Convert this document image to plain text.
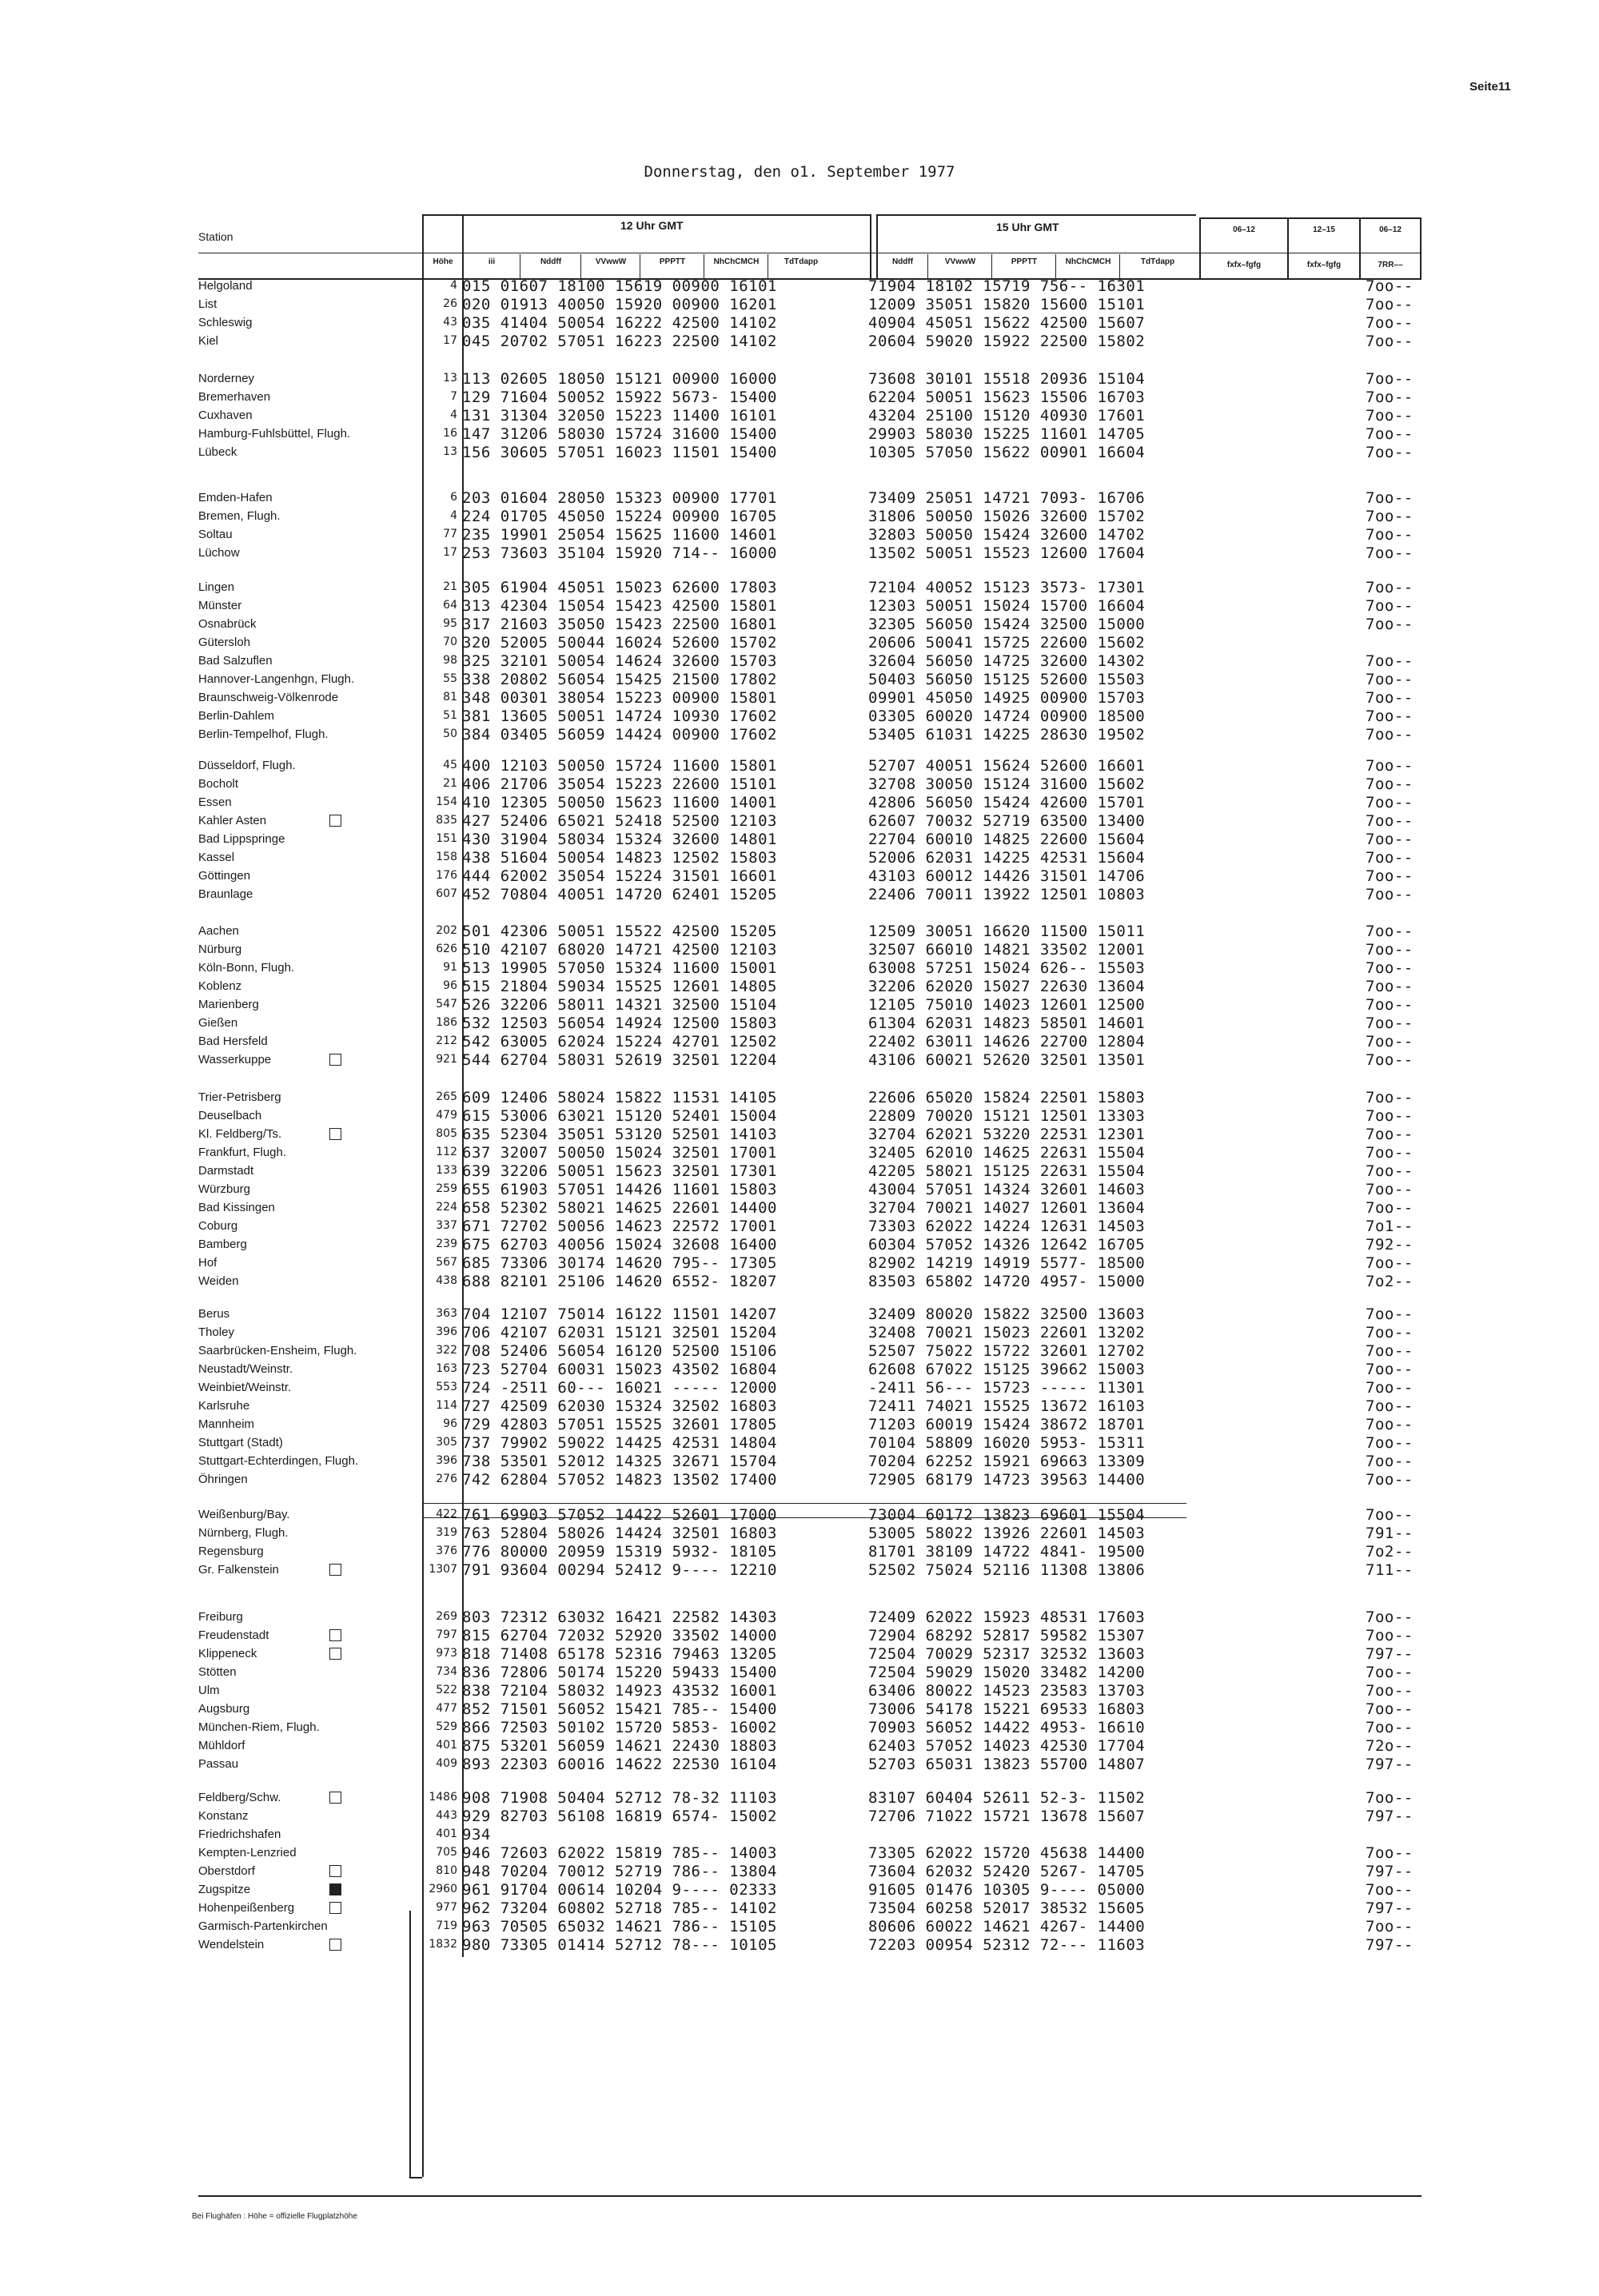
Seite11
Donnerstag, den o1. September 1977
Station
Höhe	iii
12 Uhr GMT	15 Uhr GMT
Nddff	VVwwW	PPPTT	NhChCMCH	TdTdapp	Nddff	VVwwW	PPPTT	NhChCMCH	TdTdapp
06–12	12–15	06–12
fxfx–fgfg	fxfx–fgfg	7RR––
Helgoland	4 015 01607 18100 15619 00900 16101	71904 18102 15719 756-- 16301	7oo--
List	26 020 01913 40050 15920 00900 16201	12009 35051 15820 15600 15101	7oo--
Schleswig	43 035 41404 50054 16222 42500 14102	40904 45051 15622 42500 15607	7oo--
Kiel	17 045 20702 57051 16223 22500 14102	20604 59020 15922 22500 15802	7oo--
Norderney	13 113 02605 18050 15121 00900 16000	73608 30101 15518 20936 15104	7oo--
Bremerhaven	7 129 71604 50052 15922 5673- 15400	62204 50051 15623 15506 16703	7oo--
Cuxhaven	4 131 31304 32050 15223 11400 16101	43204 25100 15120 40930 17601	7oo--
Hamburg-Fuhlsbüttel, Flugh.	16 147 31206 58030 15724 31600 15400	29903 58030 15225 11601 14705	7oo--
Lübeck	13 156 30605 57051 16023 11501 15400	10305 57050 15622 00901 16604	7oo--
Emden-Hafen	6 203 01604 28050 15323 00900 17701	73409 25051 14721 7093- 16706	7oo--
Bremen, Flugh.	4 224 01705 45050 15224 00900 16705	31806 50050 15026 32600 15702	7oo--
Soltau	77 235 19901 25054 15625 11600 14601	32803 50050 15424 32600 14702	7oo--
Lüchow	17 253 73603 35104 15920 714-- 16000	13502 50051 15523 12600 17604	7oo--
Lingen	21 305 61904 45051 15023 62600 17803	72104 40052 15123 3573- 17301	7oo--
Münster	64 313 42304 15054 15423 42500 15801	12303 50051 15024 15700 16604	7oo--
Osnabrück	95 317 21603 35050 15423 22500 16801	32305 56050 15424 32500 15000	7oo--
Gütersloh	70 320 52005 50044 16024 52600 15702	20606 50041 15725 22600 15602
Bad Salzuflen	98 325 32101 50054 14624 32600 15703	32604 56050 14725 32600 14302	7oo--
Hannover-Langenhgn, Flugh.	55 338 20802 56054 15425 21500 17802	50403 56050 15125 52600 15503	7oo--
Braunschweig-Völkenrode	81 348 00301 38054 15223 00900 15801	09901 45050 14925 00900 15703	7oo--
Berlin-Dahlem	51 381 13605 50051 14724 10930 17602	03305 60020 14724 00900 18500	7oo--
Berlin-Tempelhof, Flugh.	50 384 03405 56059 14424 00900 17602	53405 61031 14225 28630 19502	7oo--
Düsseldorf, Flugh.	45 400 12103 50050 15724 11600 15801	52707 40051 15624 52600 16601	7oo--
Bocholt	21 406 21706 35054 15223 22600 15101	32708 30050 15124 31600 15602	7oo--
Essen	154 410 12305 50050 15623 11600 14001	42806 56050 15424 42600 15701	7oo--
Kahler Asten	835 427 52406 65021 52418 52500 12103	62607 70032 52719 63500 13400	7oo--
Bad Lippspringe	151 430 31904 58034 15324 32600 14801	22704 60010 14825 22600 15604	7oo--
Kassel	158 438 51604 50054 14823 12502 15803	52006 62031 14225 42531 15604	7oo--
Göttingen	176 444 62002 35054 15224 31501 16601	43103 60012 14426 31501 14706	7oo--
Braunlage	607 452 70804 40051 14720 62401 15205	22406 70011 13922 12501 10803	7oo--
Aachen	202 501 42306 50051 15522 42500 15205	12509 30051 16620 11500 15011	7oo--
Nürburg	626 510 42107 68020 14721 42500 12103	32507 66010 14821 33502 12001	7oo--
Köln-Bonn, Flugh.	91 513 19905 57050 15324 11600 15001	63008 57251 15024 626-- 15503	7oo--
Koblenz	96 515 21804 59034 15525 12601 14805	32206 62020 15027 22630 13604	7oo--
Marienberg	547 526 32206 58011 14321 32500 15104	12105 75010 14023 12601 12500	7oo--
Gießen	186 532 12503 56054 14924 12500 15803	61304 62031 14823 58501 14601	7oo--
Bad Hersfeld	212 542 63005 62024 15224 42701 12502	22402 63011 14626 22700 12804	7oo--
Wasserkuppe	921 544 62704 58031 52619 32501 12204	43106 60021 52620 32501 13501	7oo--
Trier-Petrisberg	265 609 12406 58024 15822 11531 14105	22606 65020 15824 22501 15803	7oo--
Deuselbach	479 615 53006 63021 15120 52401 15004	22809 70020 15121 12501 13303	7oo--
Kl. Feldberg/Ts.	805 635 52304 35051 53120 52501 14103	32704 62021 53220 22531 12301	7oo--
Frankfurt, Flugh.	112 637 32007 50050 15024 32501 17001	32405 62010 14625 22631 15504	7oo--
Darmstadt	133 639 32206 50051 15623 32501 17301	42205 58021 15125 22631 15504	7oo--
Würzburg	259 655 61903 57051 14426 11601 15803	43004 57051 14324 32601 14603	7oo--
Bad Kissingen	224 658 52302 58021 14625 22601 14400	32704 70021 14027 12601 13604	7oo--
Coburg	337 671 72702 50056 14623 22572 17001	73303 62022 14224 12631 14503	7o1--
Bamberg	239 675 62703 40056 15024 32608 16400	60304 57052 14326 12642 16705	792--
Hof	567 685 73306 30174 14620 795-- 17305	82902 14219 14919 5577- 18500	7oo--
Weiden	438 688 82101 25106 14620 6552- 18207	83503 65802 14720 4957- 15000	7o2--
Berus	363 704 12107 75014 16122 11501 14207	32409 80020 15822 32500 13603	7oo--
Tholey	396 706 42107 62031 15121 32501 15204	32408 70021 15023 22601 13202	7oo--
Saarbrücken-Ensheim, Flugh.	322 708 52406 56054 16120 52500 15106	52507 75022 15722 32601 12702	7oo--
Neustadt/Weinstr.	163 723 52704 60031 15023 43502 16804	62608 67022 15125 39662 15003	7oo--
Weinbiet/Weinstr.	553 724 -2511 60--- 16021 ----- 12000	-2411 56--- 15723 ----- 11301	7oo--
Karlsruhe	114 727 42509 62030 15324 32502 16803	72411 74021 15525 13672 16103	7oo--
Mannheim	96 729 42803 57051 15525 32601 17805	71203 60019 15424 38672 18701	7oo--
Stuttgart (Stadt)	305 737 79902 59022 14425 42531 14804	70104 58809 16020 5953- 15311	7oo--
Stuttgart-Echterdingen, Flugh.	396 738 53501 52012 14325 32671 15704	70204 62252 15921 69663 13309	7oo--
Öhringen	276 742 62804 57052 14823 13502 17400	72905 68179 14723 39563 14400	7oo--
Weißenburg/Bay.	422 761 69903 57052 14422 52601 17000	73004 60172 13823 69601 15504	7oo--
Nürnberg, Flugh.	319 763 52804 58026 14424 32501 16803	53005 58022 13926 22601 14503	791--
Regensburg	376 776 80000 20959 15319 5932- 18105	81701 38109 14722 4841- 19500	7o2--
Gr. Falkenstein	1307 791 93604 00294 52412 9---- 12210	52502 75024 52116 11308 13806	711--
Freiburg	269 803 72312 63032 16421 22582 14303	72409 62022 15923 48531 17603	7oo--
Freudenstadt	797 815 62704 72032 52920 33502 14000	72904 68292 52817 59582 15307	7oo--
Klippeneck	973 818 71408 65178 52316 79463 13205	72504 70029 52317 32532 13603	797--
Stötten	734 836 72806 50174 15220 59433 15400	72504 59029 15020 33482 14200	7oo--
Ulm	522 838 72104 58032 14923 43532 16001	63406 80022 14523 23583 13703	7oo--
Augsburg	477 852 71501 56052 15421 785-- 15400	73006 54178 15221 69533 16803	7oo--
München-Riem, Flugh.	529 866 72503 50102 15720 5853- 16002	70903 56052 14422 4953- 16610	7oo--
Mühldorf	401 875 53201 56059 14621 22430 18803	62403 57052 14023 42530 17704	72o--
Passau	409 893 22303 60016 14622 22530 16104	52703 65031 13823 55700 14807	797--
Feldberg/Schw.	1486 908 71908 50404 52712 78-32 11103	83107 60404 52611 52-3- 11502	7oo--
Konstanz	443 929 82703 56108 16819 6574- 15002	72706 71022 15721 13678 15607	797--
Friedrichshafen	401 934
Kempten-Lenzried	705 946 72603 62022 15819 785-- 14003	73305 62022 15720 45638 14400	7oo--
Oberstdorf	810 948 70204 70012 52719 786-- 13804	73604 62032 52420 5267- 14705	797--
Zugspitze	2960 961 91704 00614 10204 9---- 02333	91605 01476 10305 9---- 05000	7oo--
Hohenpeißenberg	977 962 73204 60802 52718 785-- 14102	73504 60258 52017 38532 15605	797--
Garmisch-Partenkirchen	719 963 70505 65032 14621 786-- 15105	80606 60022 14621 4267- 14400	7oo--
Wendelstein	1832 980 73305 01414 52712 78--- 10105	72203 00954 52312 72--- 11603	797--
Bei Flughäfen : Höhe = offizielle Flugplatzhöhe
